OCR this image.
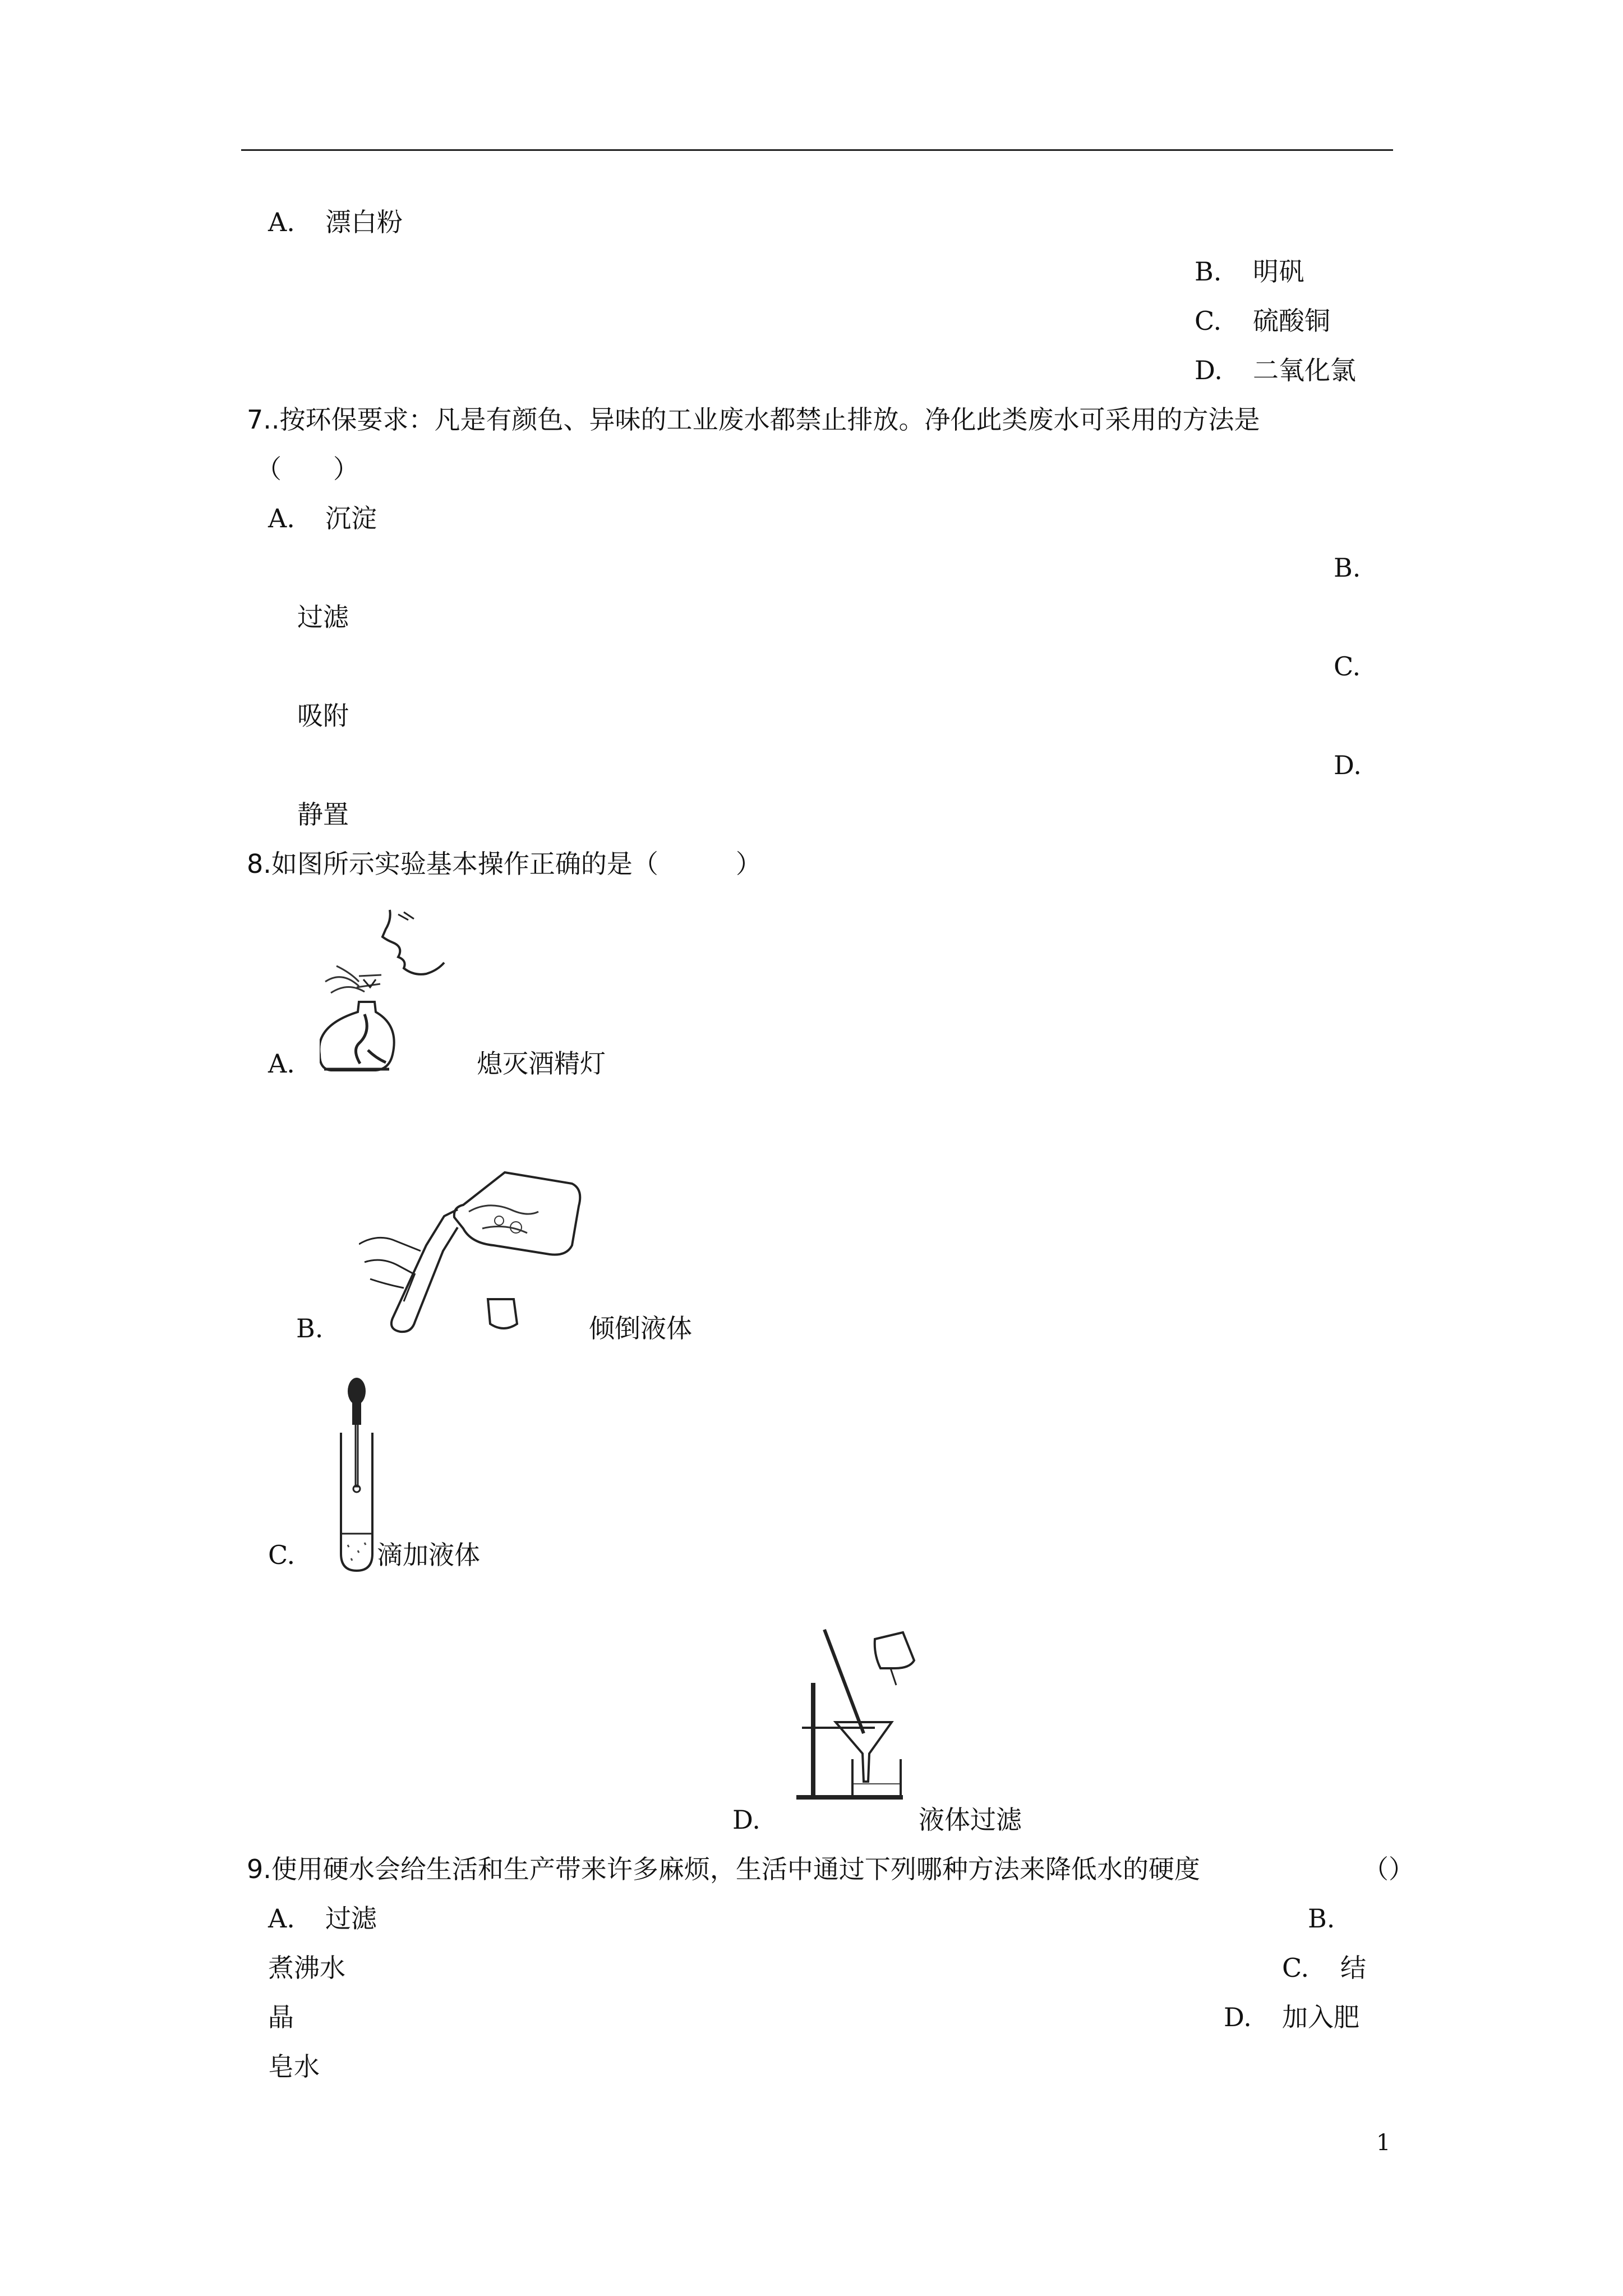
A. 漂白粉
B. 明矾
C. 硫酸铜
D. 二氧化氯
7..按环保要求：凡是有颜色、异味的工业废水都禁止排放。净化此类废水可采用的方法是
（　　）
A. 沉淀
B.
过滤
C.
吸附
D.
静置
8.如图所示实验基本操作正确的是（　　　）
A.	熄灭酒精灯
B.	倾倒液体
C.	滴加液体
D.	液体过滤
9.使用硬水会给生活和生产带来许多麻烦，生活中通过下列哪种方法来降低水的硬度	（）
A. 过滤	B.
煮沸水	C. 结
晶	D. 加入肥
皂水
1
